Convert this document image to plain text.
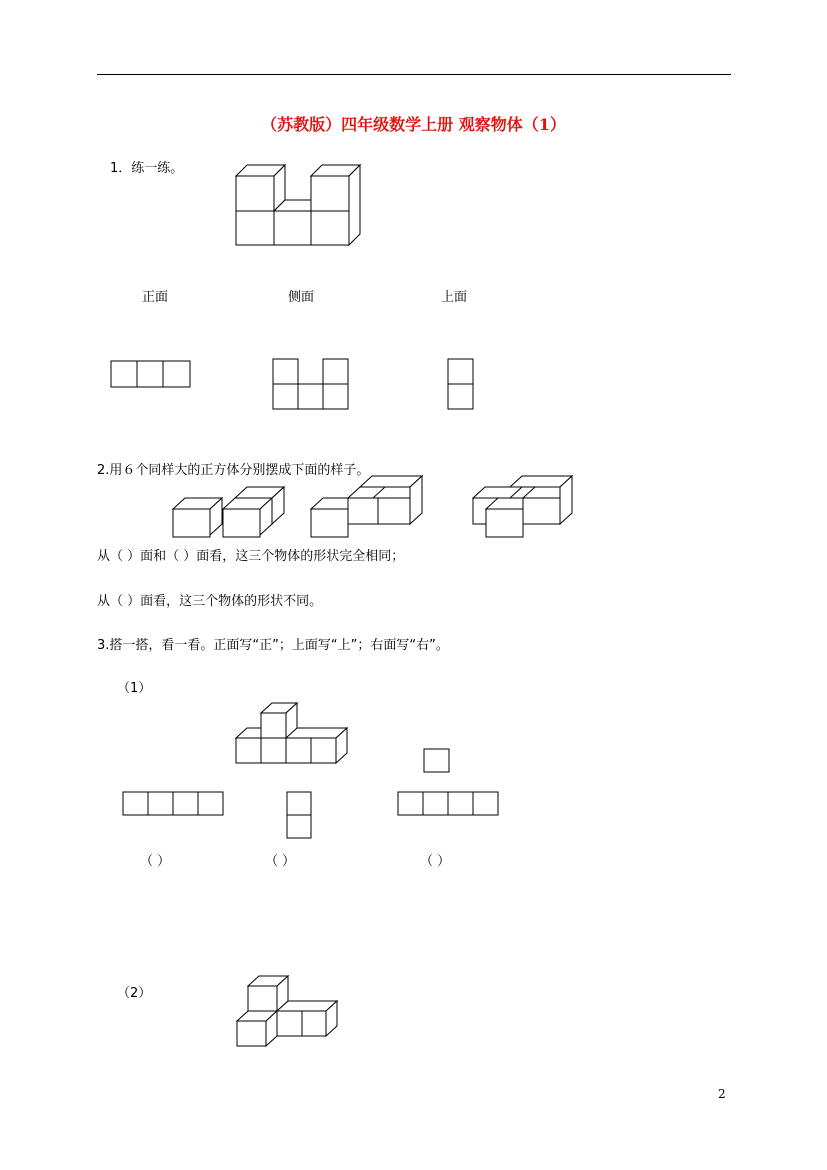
（苏教版）四年级数学上册 观察物体（1）
1．练一练。
正面	侧面	上面
2.用６个同样大的正方体分别摆成下面的样子。
从（ ）面和（ ）面看，这三个物体的形状完全相同；
从（ ）面看，这三个物体的形状不同。
3.搭一搭，看一看。正面写“正”；上面写“上”；右面写“右”。
（1）
（ ）	（ ）	（ ）
（2）
2
